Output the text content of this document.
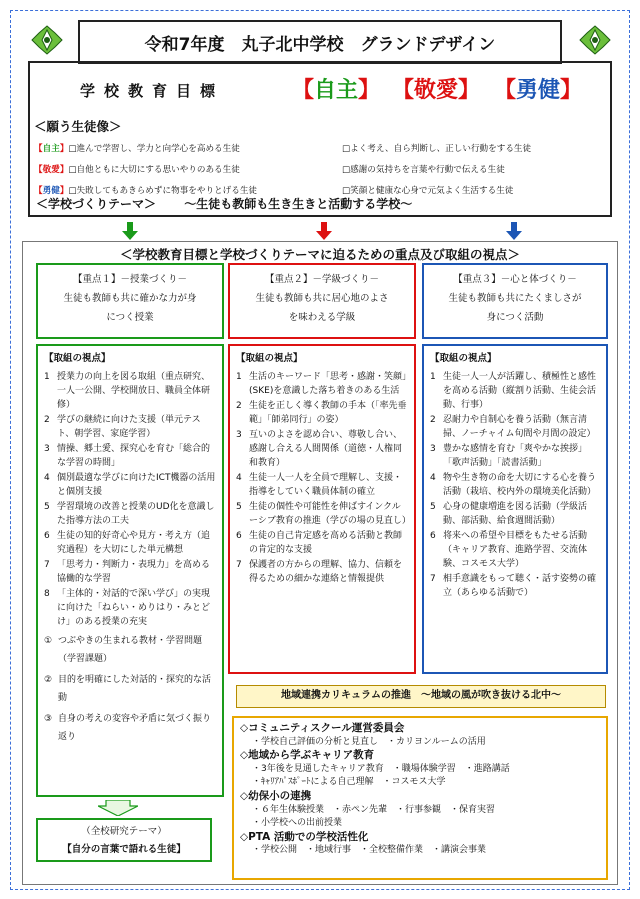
令和7年度　丸子北中学校　グランドデザイン
学校教育目標	【自主】 【敬愛】 【勇健】
＜願う生徒像＞
【自主】□進んで学習し、学力と向学心を高める生徒	□よく考え、自ら判断し、正しい行動をする生徒
【敬愛】□自他ともに大切にする思いやりのある生徒	□感謝の気持ちを言葉や行動で伝える生徒
【勇健】□失敗してもあきらめずに物事をやりとげる生徒	□笑顔と健康な心身で元気よく生活する生徒
＜学校づくりテーマ＞ ～生徒も教師も生き生きと活動する学校～
＜学校教育目標と学校づくりテーマに迫るための重点及び取組の視点＞
【重点１】－授業づくり－
生徒も教師も共に確かな力が身
につく授業
【重点２】－学級づくり－
生徒も教師も共に居心地のよさ
を味わえる学級
【重点３】－心と体づくり－
生徒も教師も共にたくましさが
身につく活動
【取組の視点】
1 授業力の向上を図る取組（重点研究、一人一公開、学校開放日、職員全体研修）
2 学びの継続に向けた支援（単元テスト、朝学習、家庭学習）
3 情操、郷土愛、探究心を育む「総合的な学習の時間」
4 個別最適な学びに向けたICT機器の活用と個別支援
5 学習環境の改善と授業のUD化を意識した指導方法の工夫
6 生徒の知的好奇心や見方・考え方（追究過程）を大切にした単元構想
7 「思考力・判断力・表現力」を高める協働的な学習
8 「主体的・対話的で深い学び」の実現に向けた「ねらい・めりはり・みとどけ」のある授業の充実
① つぶやきの生まれる教材・学習問題（学習課題）
② 目的を明確にした対話的・探究的な活動
③ 自身の考えの変容や矛盾に気づく振り返り
【取組の視点】
1 生活のキーワード「思考・感謝・笑顔」(SKE)を意識した落ち着きのある生活
2 生徒を正しく導く教師の手本（「率先垂範」「師弟同行」の姿）
3 互いのよさを認め合い、尊敬し合い、感謝し合える人間関係（道徳・人権同和教育）
4 生徒一人一人を全員で理解し、支援・指導をしていく職員体制の確立
5 生徒の個性や可能性を伸ばすインクルーシブ教育の推進（学びの場の見直し）
6 生徒の自己肯定感を高める活動と教師の肯定的な支援
7 保護者の方からの理解、協力、信頼を得るための細かな連絡と情報提供
【取組の視点】
1 生徒一人一人が活躍し、積極性と感性を高める活動（縦割り活動、生徒会活動、行事）
2 忍耐力や自制心を養う活動（無言清掃、ノーチャイム旬間や月間の設定）
3 豊かな感情を育む「爽やかな挨拶」「歌声活動」「読書活動」
4 物や生き物の命を大切にする心を養う活動（栽培、校内外の環境美化活動）
5 心身の健康増進を図る活動（学級活動、部活動、給食週間活動）
6 将来への希望や目標をもたせる活動（キャリア教育、進路学習、交流体験、コスモス大学）
7 相手意識をもって聴く・話す姿勢の確立（あらゆる活動で）
地域連携カリキュラムの推進　～地域の風が吹き抜ける北中～
◇コミュニティスクール運営委員会
・学校自己評価の分析と見直し　・カリヨンルームの活用
◇地域から学ぶキャリア教育
・3年後を見通したキャリア教育　・職場体験学習　・進路講話
・ｷｬﾘｱﾊﾟｽﾎﾟｰﾄによる自己理解　・コスモス大学
◇幼保小の連携
・６年生体験授業　・赤ペン先輩　・行事参観　・保育実習
・小学校への出前授業
◇PTA 活動での学校活性化
・学校公開　・地域行事　・全校整備作業　・講演会事業
（全校研究テーマ）
【自分の言葉で語れる生徒】
